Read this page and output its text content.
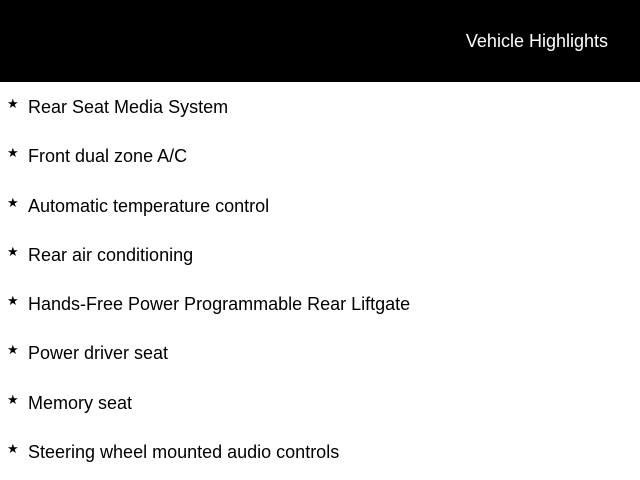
Vehicle Highlights
★ Rear Seat Media System
★ Front dual zone A/C
★ Automatic temperature control
★ Rear air conditioning
★ Hands-Free Power Programmable Rear Liftgate
★ Power driver seat
★ Memory seat
★ Steering wheel mounted audio controls
